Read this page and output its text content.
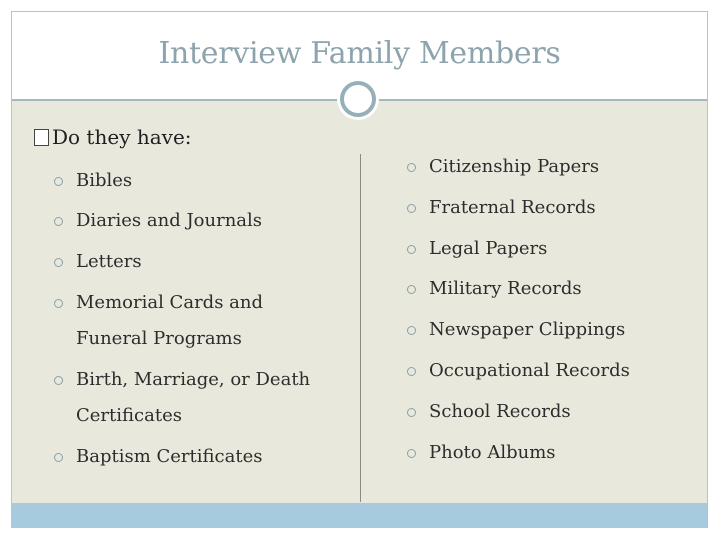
Interview Family Members
Do they have:
Bibles
Diaries and Journals
Letters
Memorial Cards and Funeral Programs
Birth, Marriage, or Death Certificates
Baptism Certificates
Citizenship Papers
Fraternal Records
Legal Papers
Military Records
Newspaper Clippings
Occupational Records
School Records
Photo Albums
